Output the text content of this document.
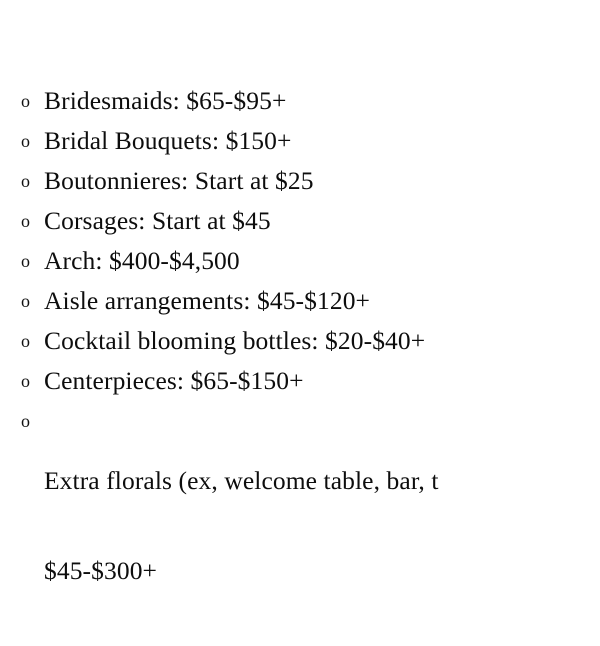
o Bridesmaids: $65-$95+
o Bridal Bouquets: $150+
o Boutonnieres: Start at $25
o Corsages: Start at $45
o Arch: $400-$4,500
o Aisle arrangements: $45-$120+
o Cocktail blooming bottles: $20-$40+
o Centerpieces: $65-$150+
o

Extra florals (ex, welcome table, bar, t

$45-$300+
